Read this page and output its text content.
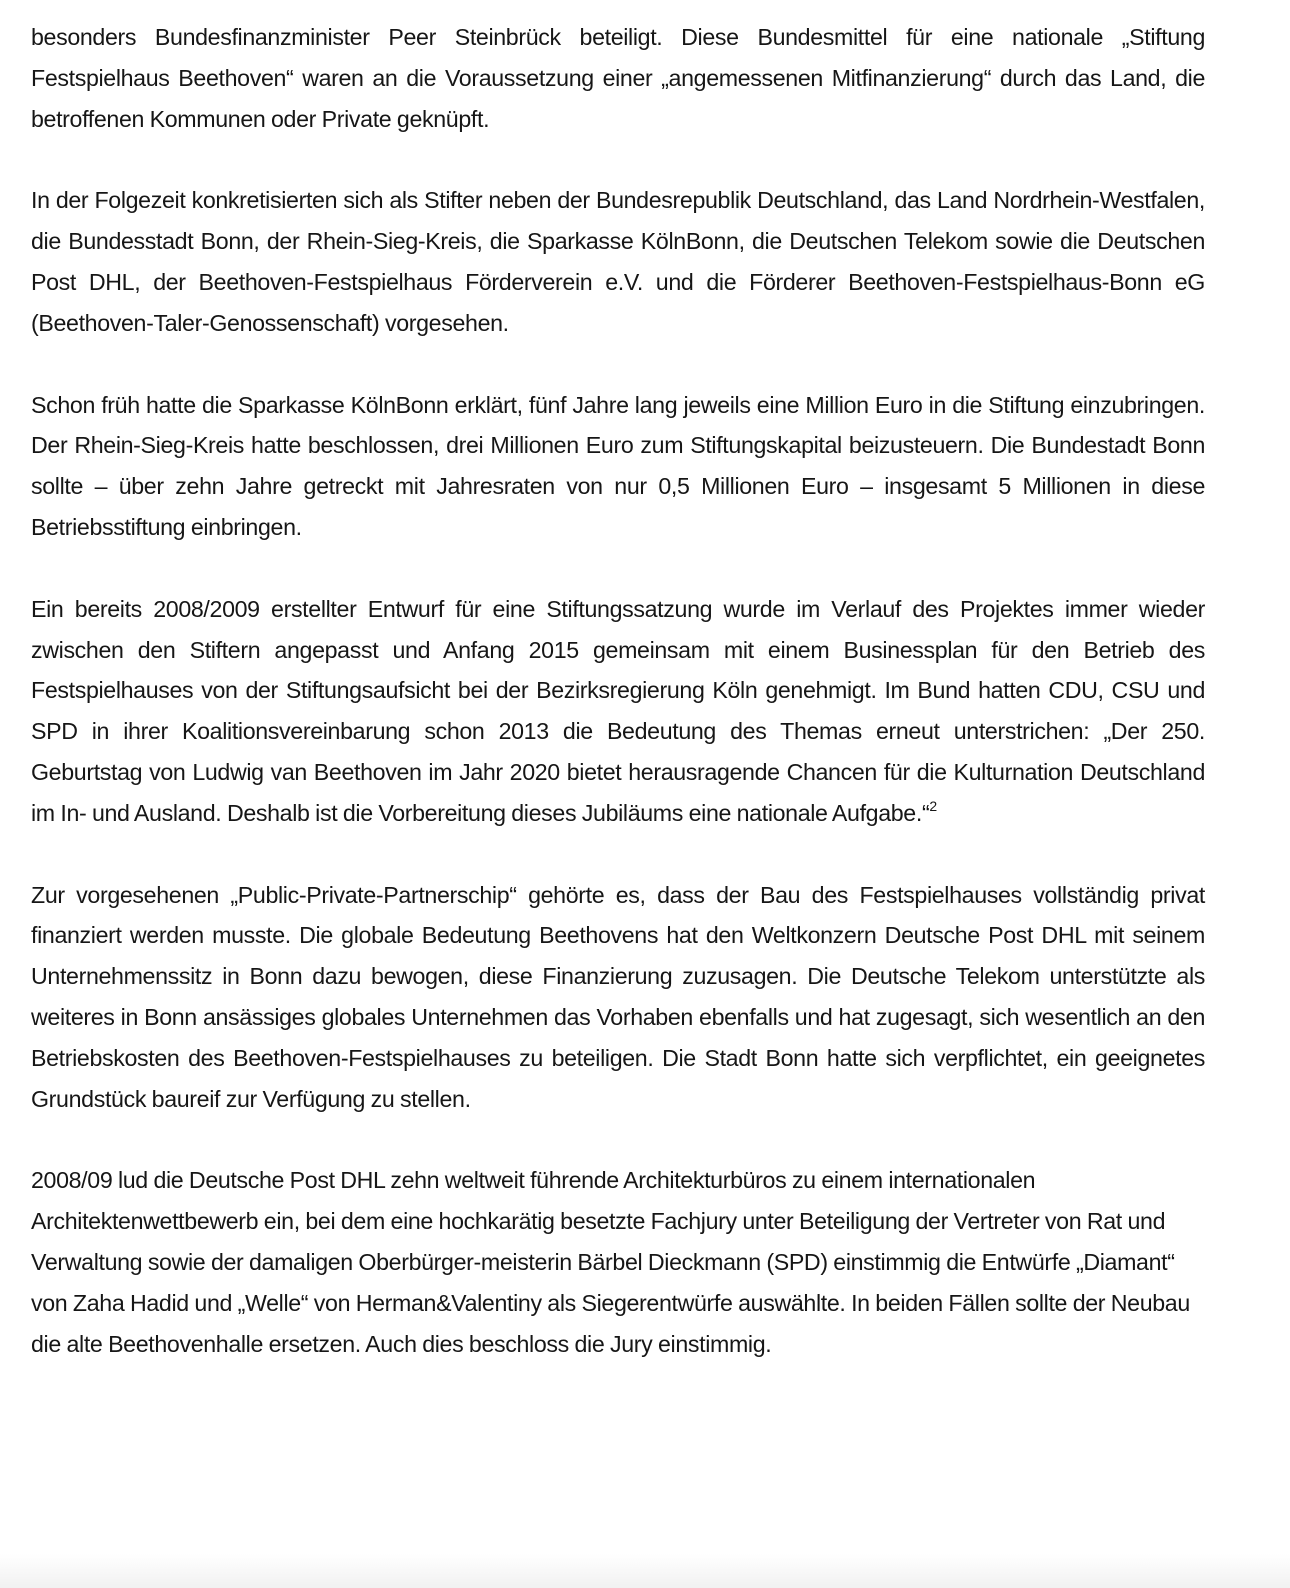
besonders Bundesfinanzminister Peer Steinbrück beteiligt. Diese Bundesmittel für eine nationale „Stiftung Festspielhaus Beethoven“ waren an die Voraussetzung einer „angemessenen Mitfinanzierung“ durch das Land, die betroffenen Kommunen oder Private geknüpft.

In der Folgezeit konkretisierten sich als Stifter neben der Bundesrepublik Deutschland, das Land Nordrhein-Westfalen, die Bundesstadt Bonn, der Rhein-Sieg-Kreis, die Sparkasse KölnBonn, die Deutschen Telekom sowie die Deutschen Post DHL, der Beethoven-Festspielhaus Förderverein e.V. und die Förderer Beethoven-Festspielhaus-Bonn eG (Beethoven-Taler-Genossenschaft) vorgesehen.

Schon früh hatte die Sparkasse KölnBonn erklärt, fünf Jahre lang jeweils eine Million Euro in die Stiftung einzubringen. Der Rhein-Sieg-Kreis hatte beschlossen, drei Millionen Euro zum Stiftungskapital beizusteuern. Die Bundestadt Bonn sollte – über zehn Jahre getreckt mit Jahresraten von nur 0,5 Millionen Euro – insgesamt 5 Millionen in diese Betriebsstiftung einbringen.

Ein bereits 2008/2009 erstellter Entwurf für eine Stiftungssatzung wurde im Verlauf des Projektes immer wieder zwischen den Stiftern angepasst und Anfang 2015 gemeinsam mit einem Businessplan für den Betrieb des Festspielhauses von der Stiftungsaufsicht bei der Bezirksregierung Köln genehmigt. Im Bund hatten CDU, CSU und SPD in ihrer Koalitionsvereinbarung schon 2013 die Bedeutung des Themas erneut unterstrichen: „Der 250. Geburtstag von Ludwig van Beethoven im Jahr 2020 bietet herausragende Chancen für die Kulturnation Deutschland im In- und Ausland. Deshalb ist die Vorbereitung dieses Jubiläums eine nationale Aufgabe.“$^2$

Zur vorgesehenen „Public-Private-Partnerschip“ gehörte es, dass der Bau des Festspielhauses vollständig privat finanziert werden musste. Die globale Bedeutung Beethovens hat den Weltkonzern Deutsche Post DHL mit seinem Unternehmenssitz in Bonn dazu bewogen, diese Finanzierung zuzusagen. Die Deutsche Telekom unterstützte als weiteres in Bonn ansässiges globales Unternehmen das Vorhaben ebenfalls und hat zugesagt, sich wesentlich an den Betriebskosten des Beethoven-Festspielhauses zu beteiligen. Die Stadt Bonn hatte sich verpflichtet, ein geeignetes Grundstück baureif zur Verfügung zu stellen.

2008/09 lud die Deutsche Post DHL zehn weltweit führende Architekturbüros zu einem internationalen Architektenwettbewerb ein, bei dem eine hochkarätig besetzte Fachjury unter Beteiligung der Vertreter von Rat und Verwaltung sowie der damaligen Oberbürger-meisterin Bärbel Dieckmann (SPD) einstimmig die Entwürfe „Diamant“ von Zaha Hadid und „Welle“ von Herman&Valentiny als Siegerentwürfe auswählte. In beiden Fällen sollte der Neubau die alte Beethovenhalle ersetzen. Auch dies beschloss die Jury einstimmig.
